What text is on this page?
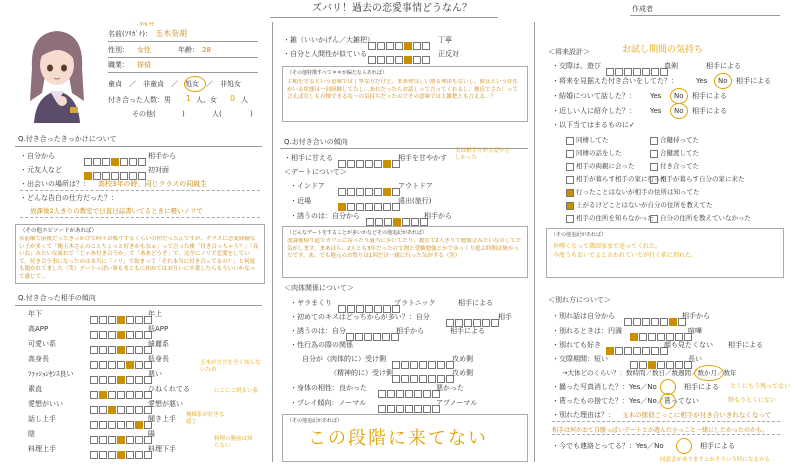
ズバリ！過去の恋愛事情どうなん？	作成者
ﾀﾏｷ ﾅﾅ
名前(ﾌﾘｶﾞﾅ)： 玉木奈胡
性別： 女性	年齢： 28
職業： 探偵
童貞　／　非童貞　／　処女　／　非処女
付き合った人数：男 1 人、女 0 人
その他(	)	人(	)
Q.付き合ったきっかけについて
・自分から	相手から
・元友人など	初対面
・出会いの場所は？： 高校3年の時、同じクラスの同級生
・どんな告白の仕方だった？：
放課後2人きりの教室で日直日誌書いてるときに軽いノリで
（その他エピソードがあれば）
名前順で前後だったきっかけで時々お喋りするくらいの仲だったんですが、クラスに恋愛経験ない子が多くて「俺玉木さんのことちょっと好きかもなぁ」って言った後「付き合っちゃう？」「良いね」みたいな流れで「じゃあ付き合うか」で「ああどうぞ」で、完全にノリで恋愛をしていて。付き合う事になったのは本当に「ノリ」で始まって「それ本当に付き合ってるの？」と何度も聞かれてました（笑）デートっぽい事もまともに初めてはお互いに卒業したらもういいかなって感じで…
Q.付き合った相手の傾向
年下	年上
高APP	低APP
可愛い系	綺麗系
高身長	低身長
ﾌｧｯｼｮﾝｾﾝｽ良い	悪い
素直	ひねくれてる
愛想がいい	愛想が悪い
話し上手	聞き上手
陰	陽
料理上手	料理下手
玉木が方言を全く知らないため
にこにこ明るい系
俺様系が好きな感じ
料理の腕前は知らない
・雑（いいかげん／大雑把）	丁寧
・自分と人間性が似ている	正反対
（その他特徴すべて＊＊が偏たならあれば）
手順を守るという意味では丁寧な方だけど、まあ仲良しい割る理由もないし、彼氏という存在がいる状態は一回経験してたし…あれだったらお話しって言ってくれるし、彼氏でさた！って言えば宣しも自慢できるな～の気持ちだったのでその意味では大雑把とも言える…？
Q.お付き合いの傾向
・相手に甘える	相手を甘やかす
実は相手方が大変やさしかった
＜デートについて＞
・インドア	アウトドア
・近場	遠出(旅行)
・誘うのは：自分から	相手から
（どんなデートをすることが多いかなどその他追記があれば）
放課後帰り道でカフェに寄ったり適当に歩いてたり、教室で2人きりで勉強会みたいなのしてた気がします。まあほら、2人とも3年だったので割と受験勉強とかでゆっくり遊ぶ時間は無かったです。あ、でも地元のお祭りは1回だけ一緒に行った気がする（笑）
＜肉体関係について＞
・ヤラまくり	プラトニック	相手による
・初めてのキスはどっちからが多い？：自分	相手
・誘うのは：自分	相手から	相手による
・性行為の際の関係
自分が（肉体的に）受け側	攻め側
（精神的に）受け側	攻め側
・身体の相性：良かった	悪かった
・プレイ傾向：ノーマル	アブノーマル
（その他追記があれば）
この段階に来てない
＜将来設計＞	お試し期間の気持ち
・交際は、遊び	真剣	相手による
・将来を見据えた付き合いをしてた？：	Yes No 相手による
・結婚について話した？： Yes No 相手による
・近しい人に紹介した？： Yes No 相手による
・以下当てはまるものに✓
同棲してた	合鍵持ってた
同棲の話をした	合鍵渡してた
相手の両親に会った	付き合ってた
相手が暮らす相手の家に行った
相手が暮らす自分の家に来た
行ったことはないが相手の住所は知ってた
上がるけどことはないが自分の住所を教えてた
相手の住所を知らなかった 自分の住所を教えていなかった
（その他追記があれば）
外噂くなって鶏回家まで送ってくれた。
今度うちおいでよと言われていたが行く前に別れた。
＜別れ方について＞
・別れ話は自分から	相手から
・別れるときは：円満	喧嘩
・別れても好き	顔も見たくない 相手による
・交際期間：短い	長い
→大体どのくらい？：数時間／数日／数週間／数か月／数年
・撮った写真消した？：Yes／No	相手による とくにもう残ってない
・貰ったもの捨てた？：Yes／No／貰ってない	物もうとくにない
・別れた理由は？： 玉木の探偵ごっこに相手が付き合いきれなくなって
相手は何かおて自腹っぽいデートとか遊んだ小っこと一緒にしたかったのかも。
・今でも連絡とってる？：Yes／No	相手による
同窓会がありますとかそういう時になるかも
